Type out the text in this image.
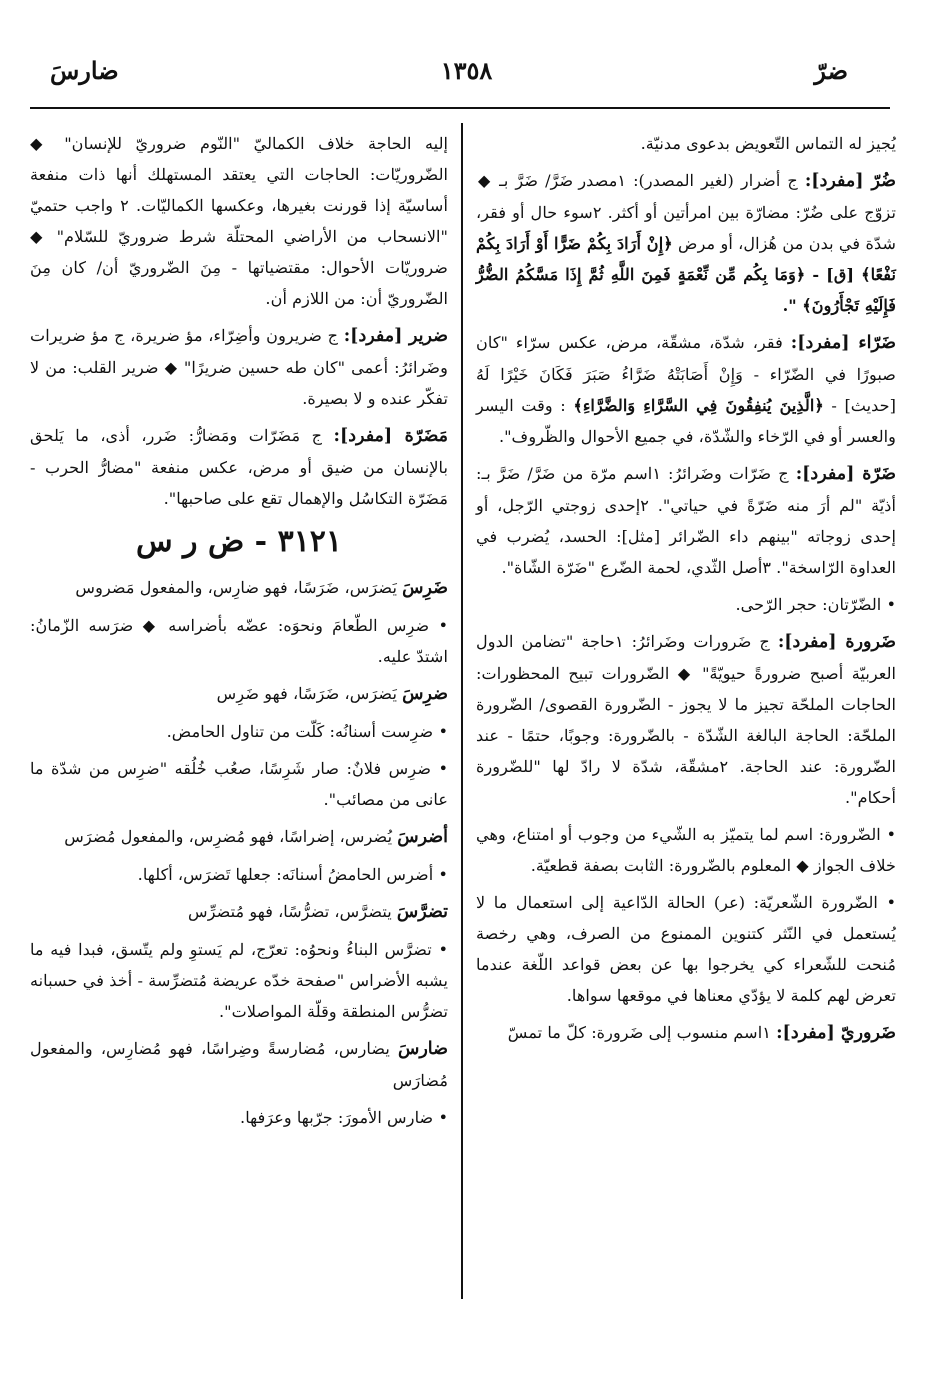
ضرّ
١٣٥٨
ضارسَ
يُجيز له التماس التّعويض بدعوى مدنيّة.
ضُرّ [مفرد]: ج أضرار (لغير المصدر): ١مصدر ضَرَّ/ ضَرَّ بـ ◆ تزوّج على ضُرّ: مضارّة بين امرأتين أو أكثر. ٢سوء حال أو فقر، شدّة في بدن من هُزال، أو مرض ﴿إِنْ أَرَادَ بِكُمْ ضَرًّا أَوْ أَرَادَ بِكُمْ نَفْعًا﴾ [ق] - ﴿وَمَا بِكُم مِّن نِّعْمَةٍ فَمِنَ اللَّهِ ثُمَّ إِذَا مَسَّكُمُ الضُّرُّ فَإِلَيْهِ تَجْأَرُونَ﴾ ".
ضَرّاء [مفرد]: فقر، شدّة، مشقّة، مرض، عكس سرّاء "كان صبورًا في الضّرّاء - وَإِنْ أَصَابَتْهُ ضَرَّاءُ صَبَرَ فَكَانَ خَيْرًا لَهُ [حديث] - ﴿الَّذِينَ يُنفِقُونَ فِي السَّرَّاءِ وَالضَّرَّاءِ﴾ : وقت اليسر والعسر أو في الرّخاء والشّدّة، في جميع الأحوال والظّروف".
ضَرّة [مفرد]: ج ضَرّات وضَرائرُ: ١اسم مرّة من ضَرَّ/ ضَرَّ بـ: أذيّة "لم أرَ منه ضَرّةً في حياتي". ٢إحدى زوجتي الرّجل، أو إحدى زوجاته "بينهم داء الضّرائر [مثل]: الحسد، يُضرب في العداوة الرّاسخة". ٣أصل الثّدي، لحمة الضّرع "ضَرّة الشّاة".
• الضّرّتان: حجر الرّحى.
ضَرورة [مفرد]: ج ضَرورات وضَرائرُ: ١حاجة "تضامن الدول العربيّة أصبح ضرورةً حيويّةً" ◆ الضّرورات تبيح المحظورات: الحاجات الملحّة تجيز ما لا يجوز - الضّرورة القصوى/ الضّرورة الملحّة: الحاجة البالغة الشّدّة - بالضّرورة: وجوبًا، حتمًا - عند الضّرورة: عند الحاجة. ٢مشقّة، شدّة لا رادّ لها "للضّرورة أحكام".
• الضّرورة: اسم لما يتميّز به الشّيء من وجوب أو امتناع، وهي خلاف الجواز ◆ المعلوم بالضّرورة: الثابت بصفة قطعيّة.
• الضّرورة الشّعريّة: (عر) الحالة الدّاعية إلى استعمال ما لا يُستعمل في النّثر كتنوين الممنوع من الصرف، وهي رخصة مُنحت للشّعراء كي يخرجوا بها عن بعض قواعد اللّغة عندما تعرض لهم كلمة لا يؤدّي معناها في موقعها سواها.
ضَروريّ [مفرد]: ١اسم منسوب إلى ضَرورة: كلّ ما تمسّ
إليه الحاجة خلاف الكماليّ "النّوم ضروريّ للإنسان" ◆ الضّروريّات: الحاجات التي يعتقد المستهلك أنها ذات منفعة أساسيّة إذا قورنت بغيرها، وعكسها الكماليّات. ٢ واجب حتميّ "الانسحاب من الأراضي المحتلّة شرط ضروريّ للسّلام" ◆ ضروريّات الأحوال: مقتضياتها - مِنَ الضّروريّ أن/ كان مِنَ الضّروريّ أن: من اللازم أن.
ضرير [مفرد]: ج ضريرون وأضِرّاء، مؤ ضريرة، ج مؤ ضريرات وضَرائرُ: أعمى "كان طه حسين ضريرًا" ◆ ضرير القلب: من لا تفكّر عنده و لا بصيرة.
مَضَرّة [مفرد]: ج مَضَرّات ومَضارُّ: ضَرر، أذى، ما يَلحق بالإنسان من ضيق أو مرض، عكس منفعة "مضارُّ الحرب - مَضَرّة التكاسُل والإهمال تقع على صاحبها".
٣١٢١ - ض ر س
ضَرِسَ يَضرَس، ضَرَسًا، فهو ضارِس، والمفعول مَضروس
• ضرِس الطّعامَ ونحوَه: عضّه بأضراسه ◆ ضرَسه الزّمانُ: اشتدّ عليه.
ضرِسَ يَضرَس، ضَرَسًا، فهو ضَرِس
• ضرِست أسنانُه: كَلّت من تناول الحامض.
• ضرِس فلانٌ: صار شَرِسًا، صعُب خُلُقه "ضرِس من شدّة ما عانى من مصائب".
أضرسَ يُضرس، إضراسًا، فهو مُضرِس، والمفعول مُضرَس
• أضرس الحامضُ أسنانَه: جعلها تَضرَس، أكلها.
تضرَّسَ يتضرَّس، تضرُّسًا، فهو مُتضرِّس
• تضرَّس البناءُ ونحوُه: تعرّج، لم يَستوِ ولم يتّسق، فبدا فيه ما يشبه الأضراس "صفحة خدّه عريضة مُتضرِّسة - أخذ في حسبانه تضرُّس المنطقة وقلّة المواصلات".
ضارسَ يضارس، مُضارسةً وضِراسًا، فهو مُضارِس، والمفعول مُضارَس
• ضارس الأمورَ: جرّبها وعرَفها.
